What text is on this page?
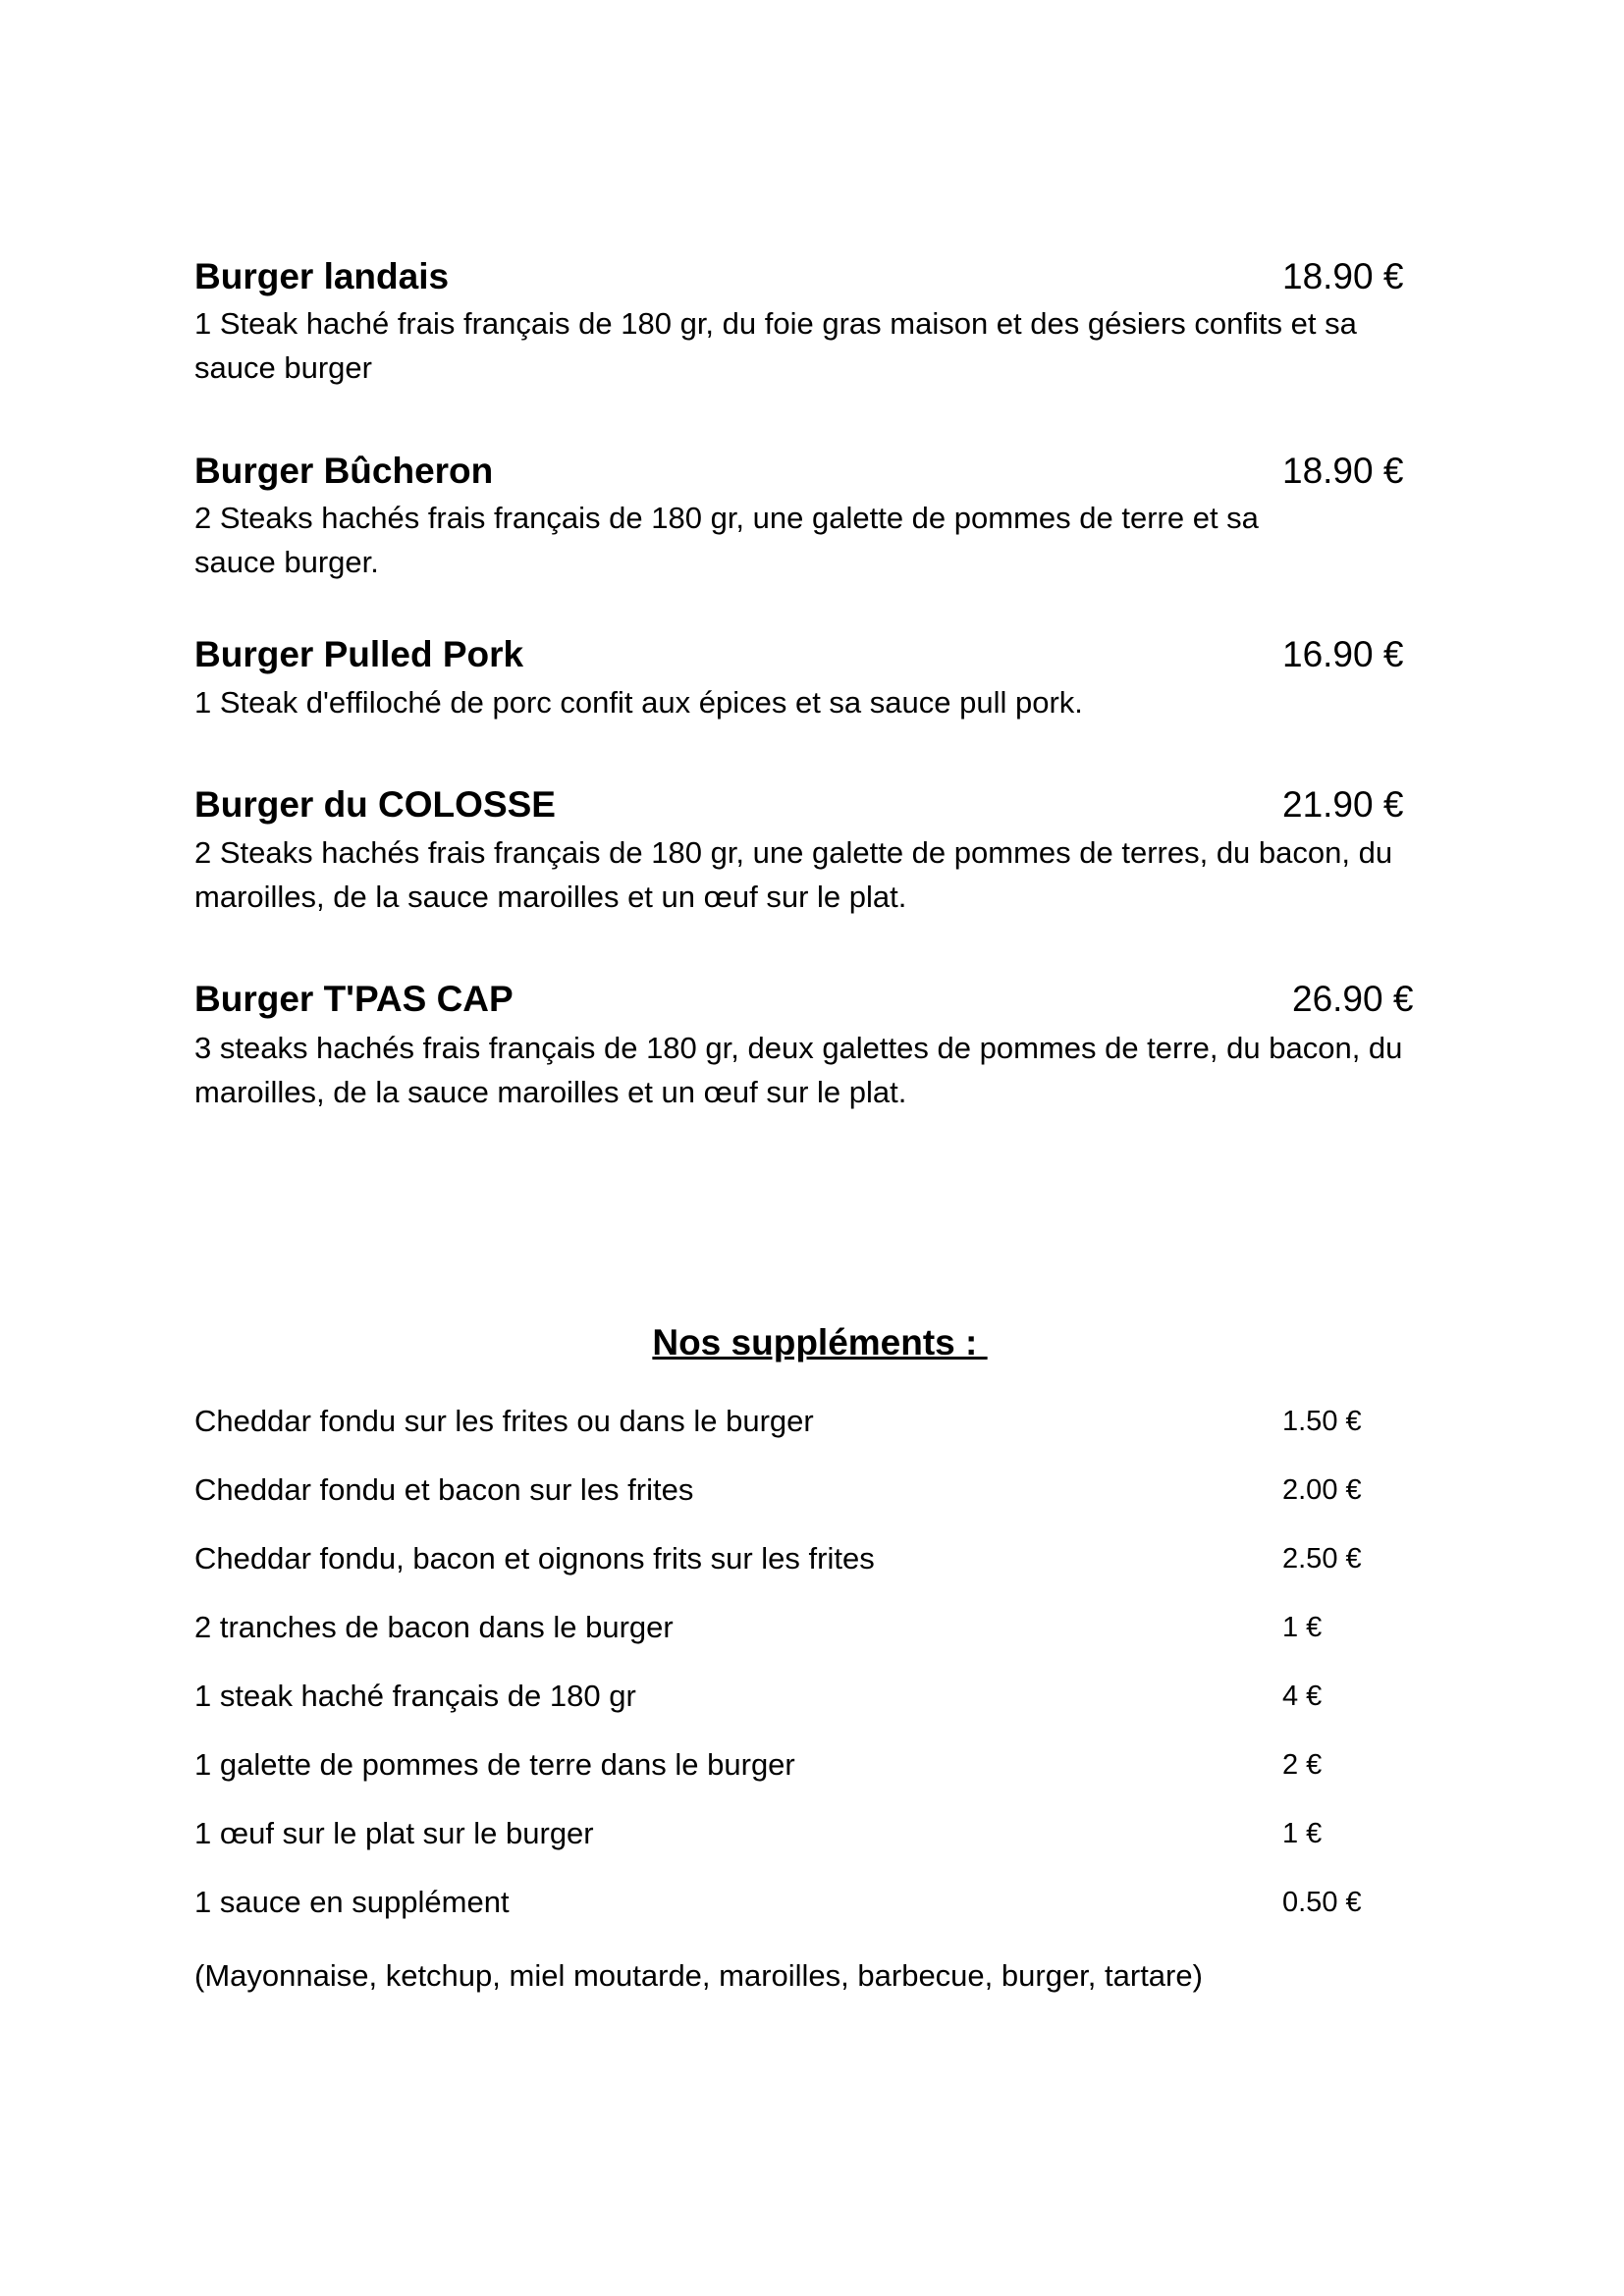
Burger landais	18.90 €
1 Steak haché frais français de 180 gr, du foie gras maison et des gésiers confits et sa sauce burger
Burger Bûcheron	18.90 €
2 Steaks hachés frais français de 180 gr, une galette de pommes de terre et sa sauce burger.
Burger Pulled Pork	16.90 €
1 Steak d'effiloché de porc confit aux épices et sa sauce pull pork.
Burger du COLOSSE	21.90 €
2 Steaks hachés frais français de 180 gr, une galette de pommes de terres, du bacon, du maroilles, de la sauce maroilles et un œuf sur le plat.
Burger T'PAS CAP	26.90 €
3 steaks hachés frais français de 180 gr, deux galettes de pommes de terre, du bacon, du maroilles, de la sauce maroilles et un œuf sur le plat.
Nos suppléments :
Cheddar fondu sur les frites ou dans le burger	1.50 €
Cheddar fondu et bacon sur les frites	2.00 €
Cheddar fondu, bacon et oignons frits sur les frites	2.50 €
2 tranches de bacon dans le burger	1 €
1 steak haché français de 180 gr	4 €
1 galette de pommes de terre dans le burger	2 €
1 œuf sur le plat sur le burger	1 €
1 sauce en supplément	0.50 €
(Mayonnaise, ketchup, miel moutarde, maroilles, barbecue, burger, tartare)
